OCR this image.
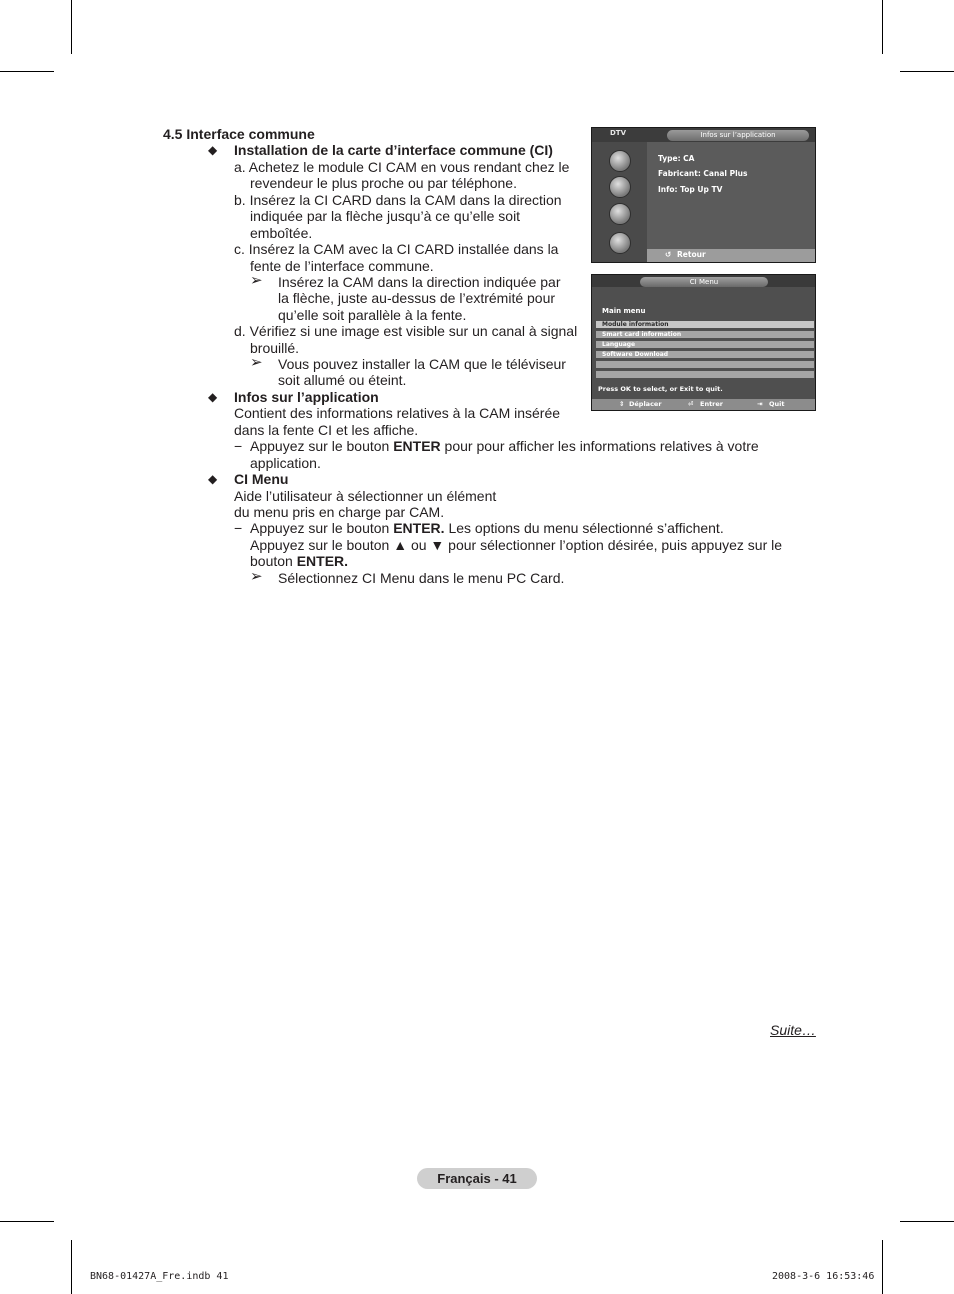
4.5 Interface commune
◆ Installation de la carte d’interface commune (CI)
a. Achetez le module CI CAM en vous rendant chez le
revendeur le plus proche ou par téléphone.
b. Insérez la CI CARD dans la CAM dans la direction
indiquée par la flèche jusqu’à ce qu’elle soit
emboîtée.
c. Insérez la CAM avec la CI CARD installée dans la
fente de l’interface commune.
➢ Insérez la CAM dans la direction indiquée par
la flèche, juste au-dessus de l’extrémité pour
qu’elle soit parallèle à la fente.
d. Vérifiez si une image est visible sur un canal à signal
brouillé.
➢ Vous pouvez installer la CAM que le téléviseur
soit allumé ou éteint.
◆ Infos sur l’application
Contient des informations relatives à la CAM insérée
dans la fente CI et les affiche.
− Appuyez sur le bouton ENTER pour pour afficher les informations relatives à votre
application.
◆ CI Menu
Aide l’utilisateur à sélectionner un élément
du menu pris en charge par CAM.
− Appuyez sur le bouton ENTER. Les options du menu sélectionné s’affichent.
Appuyez sur le bouton ▲ ou ▼ pour sélectionner l’option désirée, puis appuyez sur le
bouton ENTER.
➢ Sélectionnez CI Menu dans le menu PC Card.
DTV	Infos sur l’application
Type: CA
Fabricant: Canal Plus
Info: Top Up TV
↺ Retour
CI Menu
Main menu
Module information
Smart card information
Language
Software Download
Press OK to select, or Exit to quit.
⇕ Déplacer	⏎ Entrer	⇥ Quit
Suite…
Français - 41
BN68-01427A_Fre.indb 41	2008-3-6 16:53:46
